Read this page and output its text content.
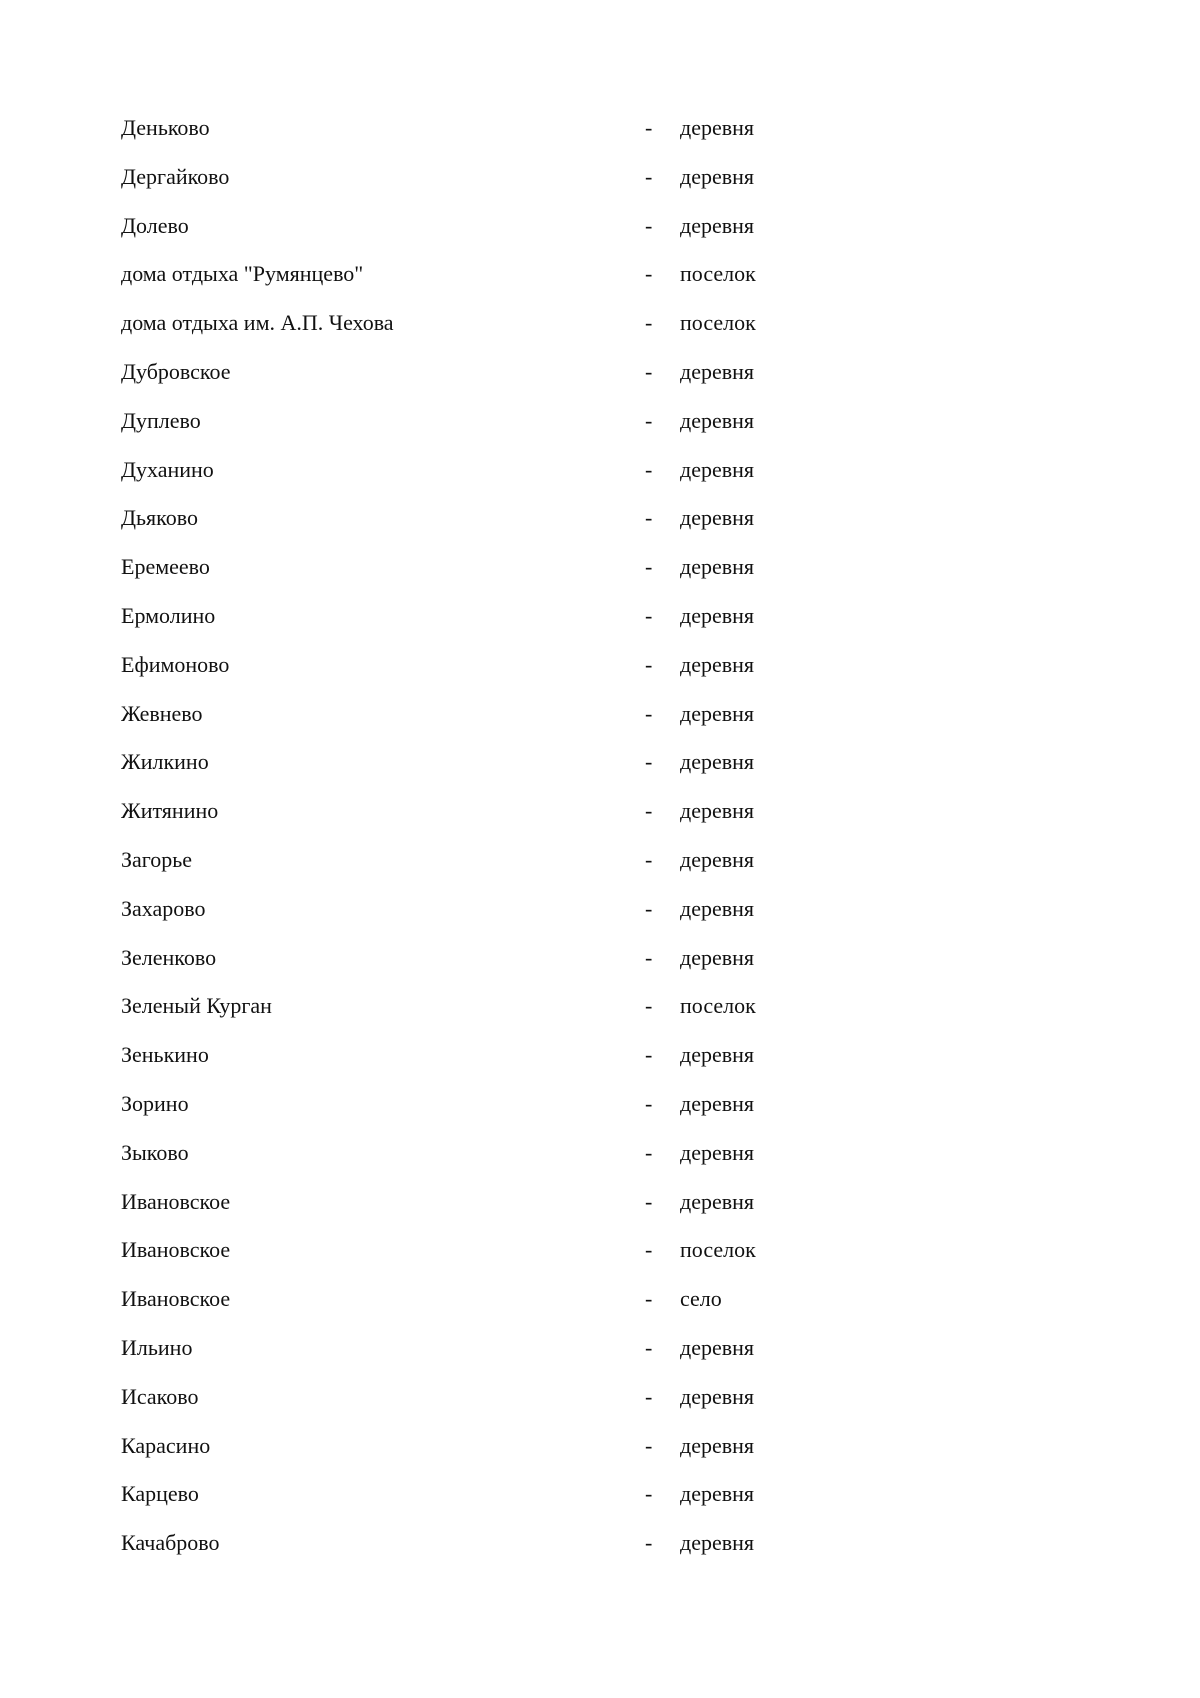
Деньково	- деревня
Дергайково	- деревня
Долево	- деревня
дома отдыха "Румянцево"	- поселок
дома отдыха им. А.П. Чехова	- поселок
Дубровское	- деревня
Дуплево	- деревня
Духанино	- деревня
Дьяково	- деревня
Еремеево	- деревня
Ермолино	- деревня
Ефимоново	- деревня
Жевнево	- деревня
Жилкино	- деревня
Житянино	- деревня
Загорье	- деревня
Захарово	- деревня
Зеленково	- деревня
Зеленый Курган	- поселок
Зенькино	- деревня
Зорино	- деревня
Зыково	- деревня
Ивановское	- деревня
Ивановское	- поселок
Ивановское	- село
Ильино	- деревня
Исаково	- деревня
Карасино	- деревня
Карцево	- деревня
Качаброво	- деревня
